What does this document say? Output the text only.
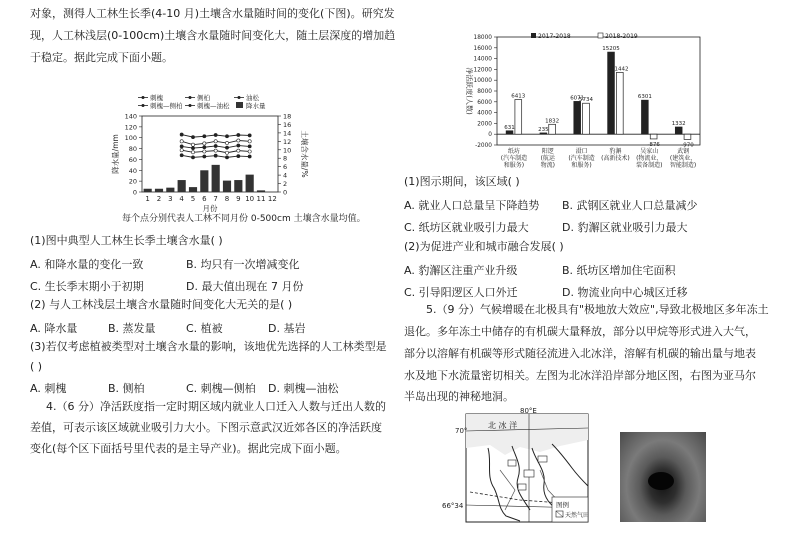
对象，测得人工林生长季(4-10 月)土壤含水量随时间的变化(下图)。研究发
现，人工林浅层(0-100cm)土壤含水量随时间变化大，随土层深度的增加趋
于稳定。据此完成下面小题。
1 2 3 4 5 6 7 8 9 10 11 12
0
20
40
60
80
100
120
140
0
2
4
6
8
10
12
14
16
18
月份
降水量/mm	土壤含水量/%
刺槐	侧柏	油松
刺槐—侧柏 刺槐—油松	降水量
每个点分别代表人工林不同月份 0-500cm 土壤含水量均值。
(1)图中典型人工林生长季土壤含水量( )
A. 和降水量的变化一致	B. 均只有一次增减变化
C. 生长季末期小于初期	D. 最大值出现在 7 月份
(2) 与人工林浅层土壤含水量随时间变化大无关的是( )
A. 降水量	B. 蒸发量	C. 植被	D. 基岩
(3)若仅考虑植被类型对土壤含水量的影响，该地优先选择的人工林类型是
( )
A. 刺槐	B. 侧柏	C. 刺槐—侧柏 D. 刺槐—油松
4.（6 分）净活跃度指一定时期区域内就业人口迁入人数与迁出人数的
差值，可表示该区域就业吸引力大小。下图示意武汉近郊各区的净活跃度
变化(每个区下面括号里代表的是主导产业)。据此完成下面小题。
631	235
6071
15205
6301
1332
6413
1832
5734
11442
-876	-970
-2000
0
2000
4000
6000
8000
10000
12000
14000
16000
18000
净活跃度(人数)
纸坊
(汽车制造
和服务)
阳逻
(航运
物流)
滠口
(汽车制造
和服务)
豹澥
(高新技术)
吴家山
(物流业、
装备制造)
武钢
(建筑业、
智能制造)
2017-2018	2018-2019
(1)图示期间，该区域( )
A. 就业人口总量呈下降趋势 B. 武钢区就业人口总量减少
C. 纸坊区就业吸引力最大	D. 豹澥区就业吸引力最大
(2)为促进产业和城市融合发展( )
A. 豹澥区注重产业升级	B. 纸坊区增加住宅面积
C. 引导阳逻区人口外迁	D. 物流业向中心城区迁移
5.（9 分）气候增暖在北极具有"极地放大效应",导致北极地区多年冻土
退化。多年冻土中储存的有机碳大量释放，部分以甲烷等形式进入大气，
部分以溶解有机碳等形式随径流进入北冰洋，溶解有机碳的输出量与地表
水及地下水流量密切相关。左图为北冰洋沿岸部分地区图，右图为亚马尔
半岛出现的神秘地洞。
80°E
70°
66°34
北 冰 洋
图例
天然气田
